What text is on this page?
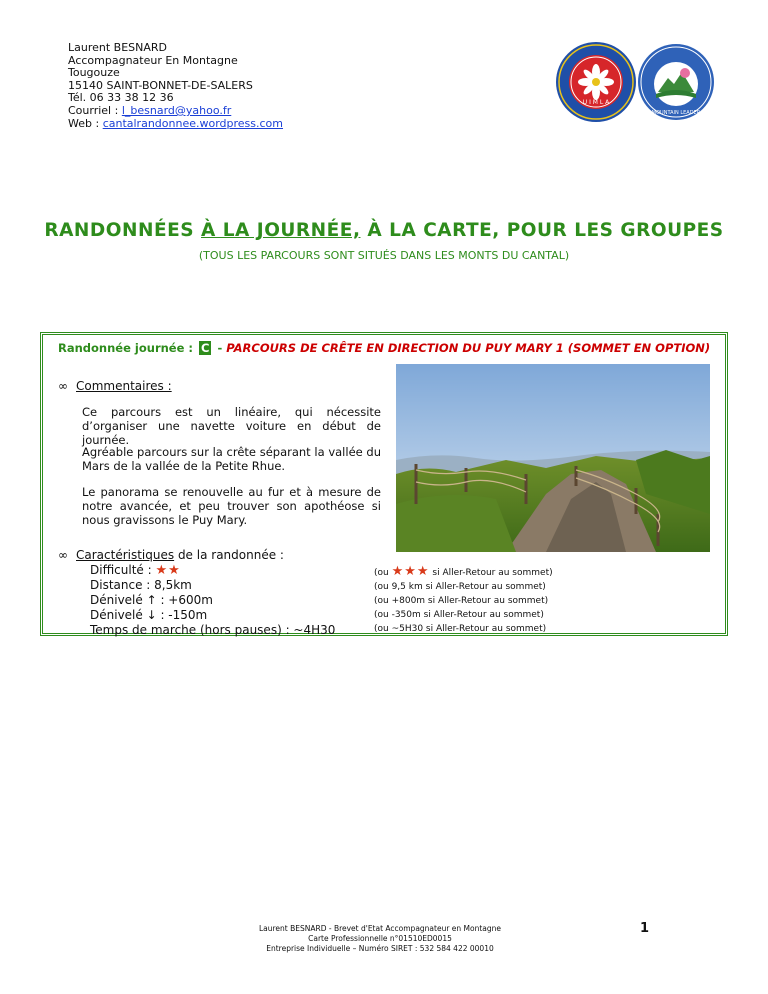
Laurent BESNARD
Accompagnateur En Montagne
Tougouze
15140 SAINT-BONNET-DE-SALERS
Tél. 06 33 38 12 36
Courriel : l_besnard@yahoo.fr
Web : cantalrandonnee.wordpress.com
U I M L A
MOUNTAIN LEADER
RANDONNÉES À LA JOURNÉE, À LA CARTE, POUR LES GROUPES
(TOUS LES PARCOURS SONT SITUÉS DANS LES MONTS DU CANTAL)
Randonnée journée : C - PARCOURS DE CRÊTE EN DIRECTION DU PUY MARY 1 (SOMMET EN OPTION)
∞ Commentaires :
Ce parcours est un linéaire, qui nécessite d’organiser une navette voiture en début de journée.
Agréable parcours sur la crête séparant la vallée du Mars de la vallée de la Petite Rhue.
Le panorama se renouvelle au fur et à mesure de notre avancée, et peu trouver son apothéose si nous gravissons le Puy Mary.
∞ Caractéristiques de la randonnée :
Difficulté : ★★
Distance : 8,5km
Dénivelé ↑ : +600m
Dénivelé ↓ : -150m
Temps de marche (hors pauses) : ~4H30
(ou ★★★ si Aller-Retour au sommet)
(ou 9,5 km si Aller-Retour au sommet)
(ou +800m si Aller-Retour au sommet)
(ou -350m si Aller-Retour au sommet)
(ou ~5H30 si Aller-Retour au sommet)
Laurent BESNARD - Brevet d'Etat Accompagnateur en Montagne
Carte Professionnelle n°01510ED0015
Entreprise Individuelle – Numéro SIRET : 532 584 422 00010
1
